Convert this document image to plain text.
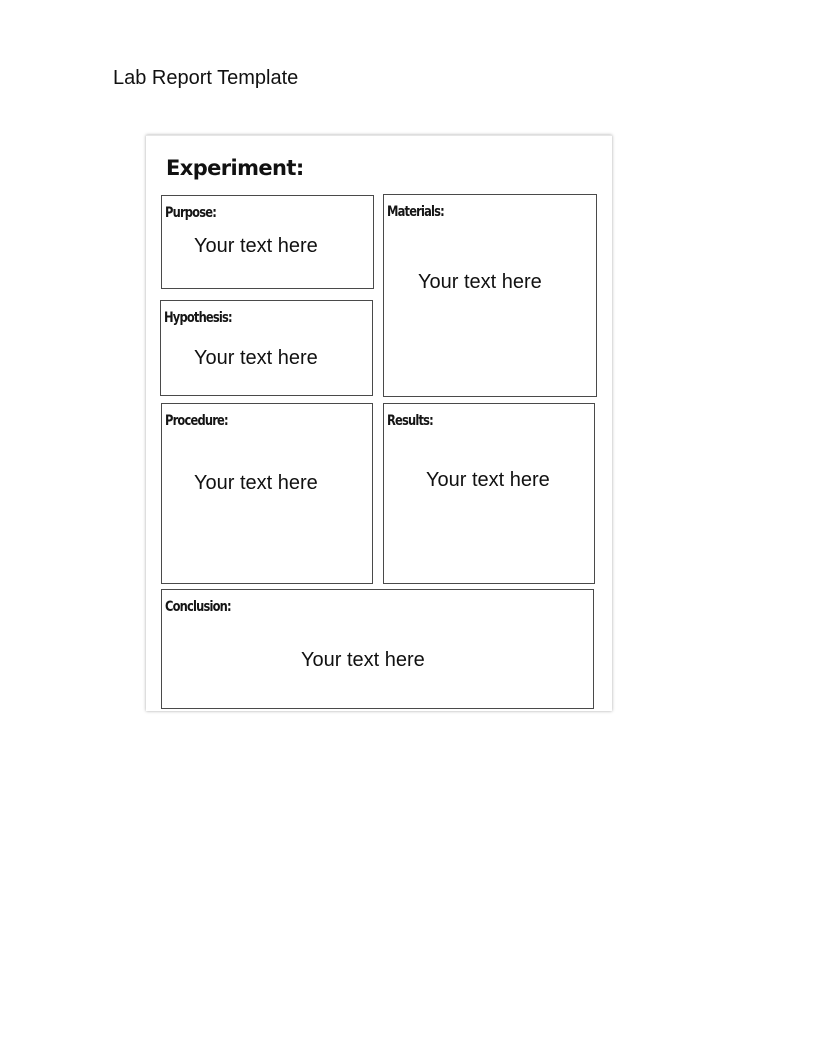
Lab Report Template
Experiment:
Purpose:
Hypothesis:
Materials:
Procedure:	Results:
Conclusion:
Your text here
Your text here
Your text here
Your text here
Your text here
Your text here
